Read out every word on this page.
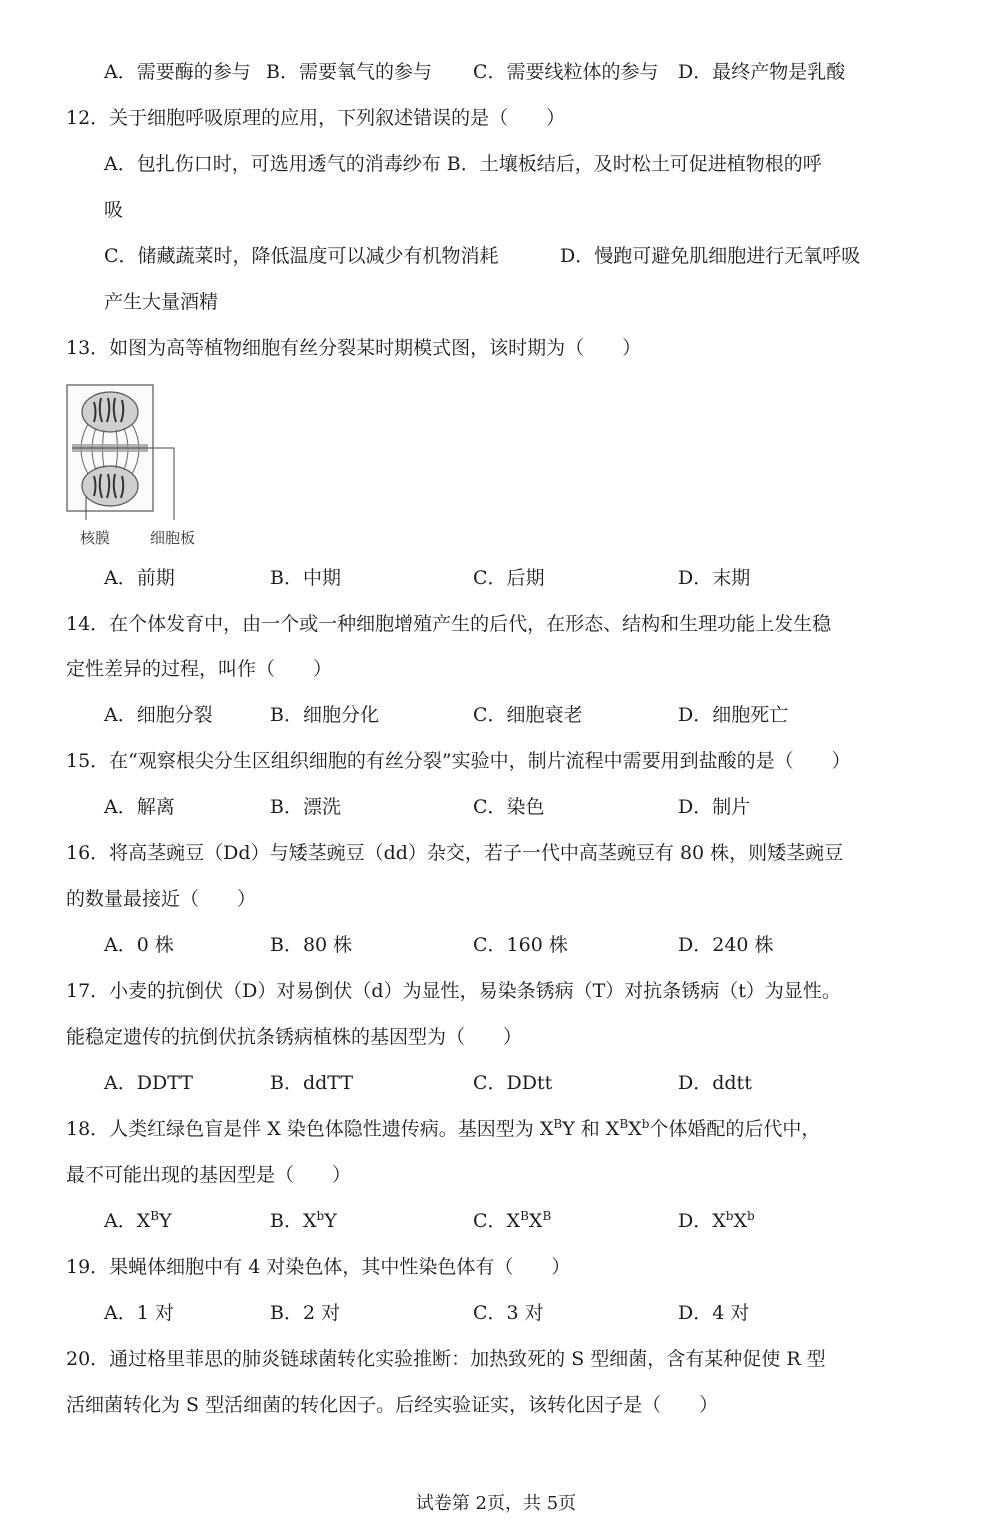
A．需要酶的参与 B．需要氧气的参与 C．需要线粒体的参与 D．最终产物是乳酸
12．关于细胞呼吸原理的应用，下列叙述错误的是（　　）
A．包扎伤口时，可选用透气的消毒纱布 B．土壤板结后，及时松土可促进植物根的呼
吸
C．储藏蔬菜时，降低温度可以减少有机物消耗	D．慢跑可避免肌细胞进行无氧呼吸
产生大量酒精
13．如图为高等植物细胞有丝分裂某时期模式图，该时期为（　　）
核膜	细胞板
A．前期	B．中期	C．后期	D．末期
14．在个体发育中，由一个或一种细胞增殖产生的后代，在形态、结构和生理功能上发生稳
定性差异的过程，叫作（　　）
A．细胞分裂	B．细胞分化	C．细胞衰老	D．细胞死亡
15．在“观察根尖分生区组织细胞的有丝分裂”实验中，制片流程中需要用到盐酸的是（　　）
A．解离	B．漂洗	C．染色	D．制片
16．将高茎豌豆（Dd）与矮茎豌豆（dd）杂交，若子一代中高茎豌豆有 80 株，则矮茎豌豆
的数量最接近（　　）
A．0 株	B．80 株	C．160 株	D．240 株
17．小麦的抗倒伏（D）对易倒伏（d）为显性，易染条锈病（T）对抗条锈病（t）为显性。
能稳定遗传的抗倒伏抗条锈病植株的基因型为（　　）
A．DDTT	B．ddTT	C．DDtt	D．ddtt
18．人类红绿色盲是伴 X 染色体隐性遗传病。基因型为 $X^BY$ 和 $X^BX^b$个体婚配的后代中，
最不可能出现的基因型是（　　）
A．$X^BY$	B．$X^bY$	C．$X^BX^B$	D．$X^bX^b$
19．果蝇体细胞中有 4 对染色体，其中性染色体有（　　）
A．1 对	B．2 对	C．3 对	D．4 对
20．通过格里菲思的肺炎链球菌转化实验推断：加热致死的 S 型细菌，含有某种促使 R 型
活细菌转化为 S 型活细菌的转化因子。后经实验证实，该转化因子是（　　）
试卷第 2页，共 5页
